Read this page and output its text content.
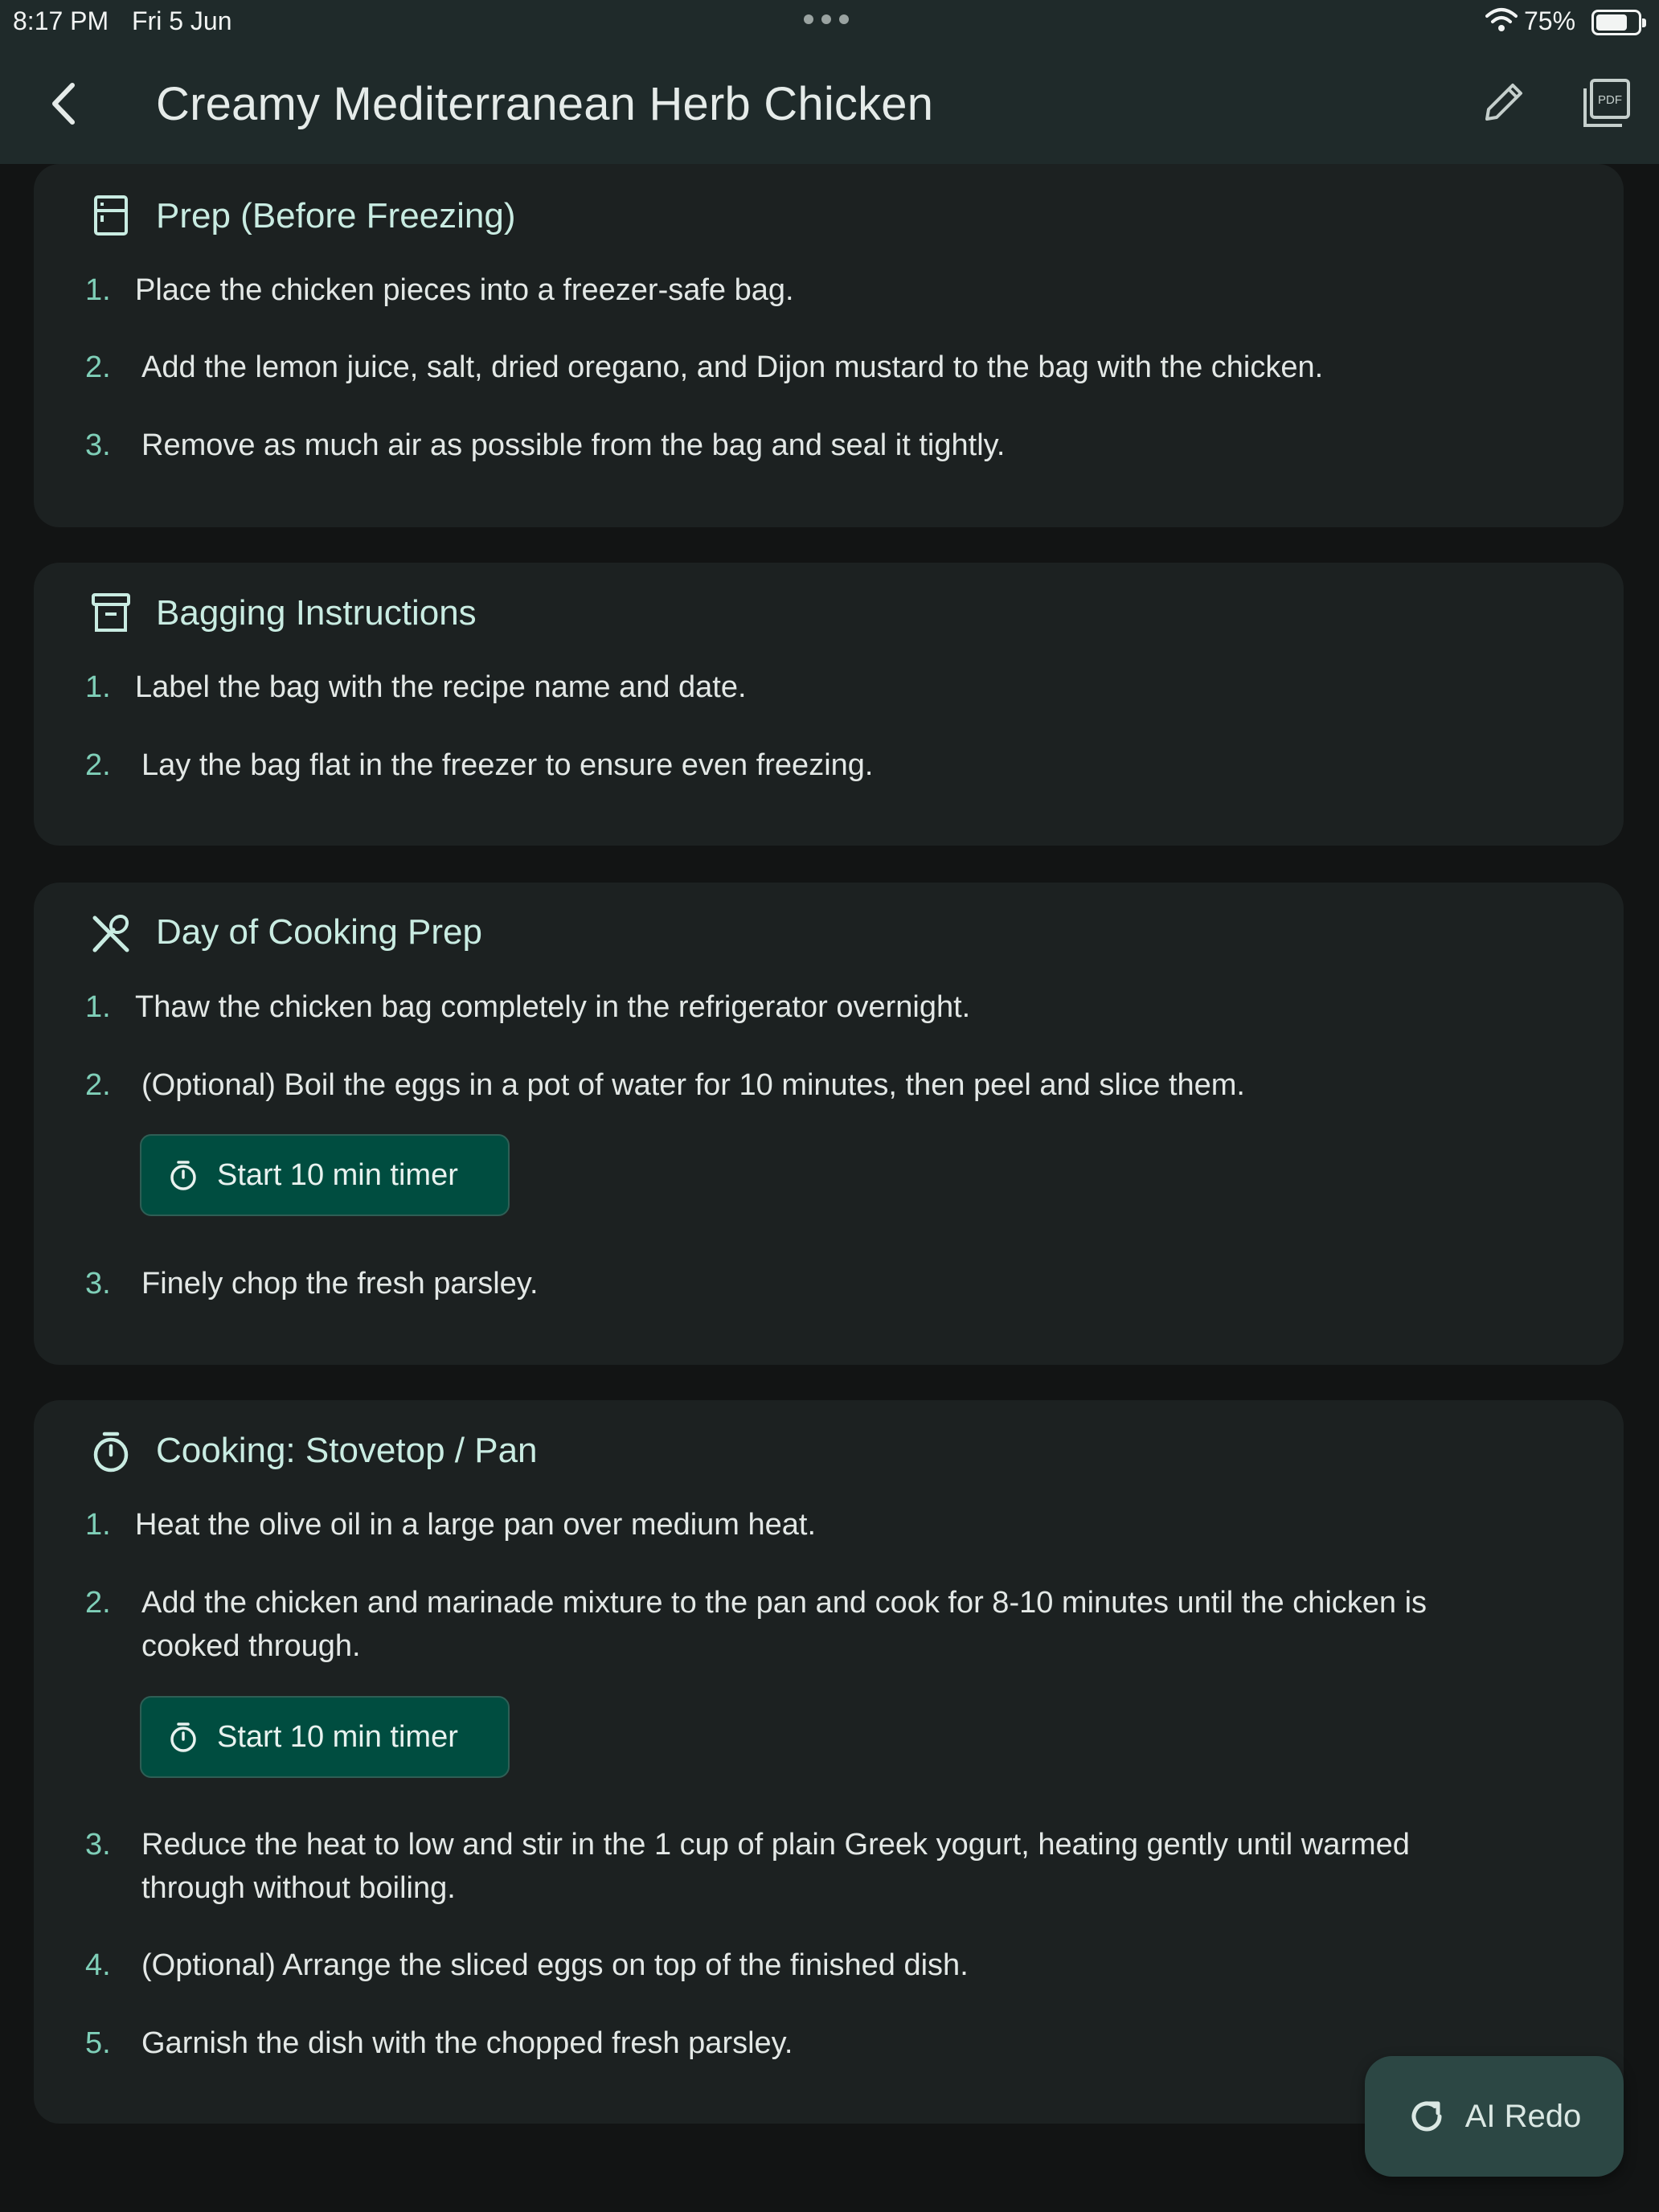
8:17 PM Fri 5 Jun	75%
Creamy Mediterranean Herb Chicken	PDF
Prep (Before Freezing)
1. Place the chicken pieces into a freezer-safe bag.
2. Add the lemon juice, salt, dried oregano, and Dijon mustard to the bag with the chicken.
3. Remove as much air as possible from the bag and seal it tightly.
Bagging Instructions
1. Label the bag with the recipe name and date.
2. Lay the bag flat in the freezer to ensure even freezing.
Day of Cooking Prep
1. Thaw the chicken bag completely in the refrigerator overnight.
2. (Optional) Boil the eggs in a pot of water for 10 minutes, then peel and slice them.
Start 10 min timer
3. Finely chop the fresh parsley.
Cooking: Stovetop / Pan
1. Heat the olive oil in a large pan over medium heat.
2. Add the chicken and marinade mixture to the pan and cook for 8-10 minutes until the chicken is
cooked through.
Start 10 min timer
3. Reduce the heat to low and stir in the 1 cup of plain Greek yogurt, heating gently until warmed
through without boiling.
4. (Optional) Arrange the sliced eggs on top of the finished dish.
5. Garnish the dish with the chopped fresh parsley.
AI Redo
